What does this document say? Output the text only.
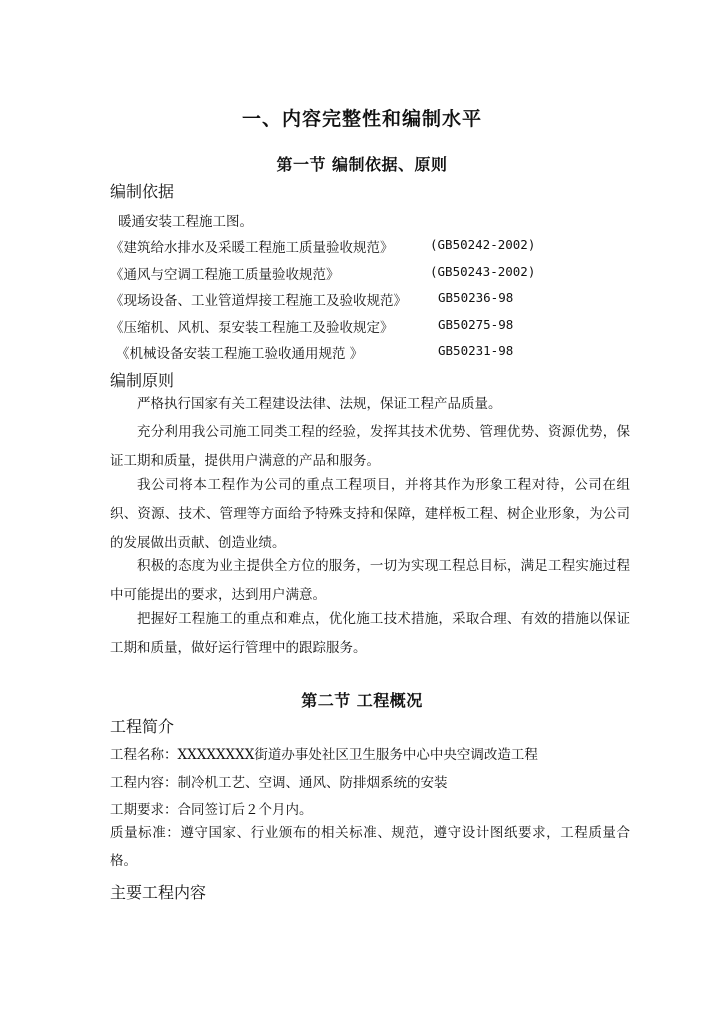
一、内容完整性和编制水平
第一节 编制依据、原则
编制依据
暖通安装工程施工图。
《建筑给水排水及采暖工程施工质量验收规范》	(GB50242-2002)
《通风与空调工程施工质量验收规范》	(GB50243-2002)
《现场设备、工业管道焊接工程施工及验收规范》 GB50236-98
《压缩机、风机、泵安装工程施工及验收规定》	GB50275-98
《机械设备安装工程施工验收通用规范 》	GB50231-98
编制原则
严格执行国家有关工程建设法律、法规，保证工程产品质量。
充分利用我公司施工同类工程的经验，发挥其技术优势、管理优势、资源优势，保证工期和质量，提供用户满意的产品和服务。
我公司将本工程作为公司的重点工程项目，并将其作为形象工程对待，公司在组织、资源、技术、管理等方面给予特殊支持和保障，建样板工程、树企业形象，为公司的发展做出贡献、创造业绩。
积极的态度为业主提供全方位的服务，一切为实现工程总目标，满足工程实施过程中可能提出的要求，达到用户满意。
把握好工程施工的重点和难点，优化施工技术措施，采取合理、有效的措施以保证工期和质量，做好运行管理中的跟踪服务。
第二节 工程概况
工程简介
工程名称：XXXXXXXX街道办事处社区卫生服务中心中央空调改造工程
工程内容：制冷机工艺、空调、通风、防排烟系统的安装
工期要求：合同签订后２个月内。
质量标准：遵守国家、行业颁布的相关标准、规范，遵守设计图纸要求，工程质量合格。
主要工程内容
